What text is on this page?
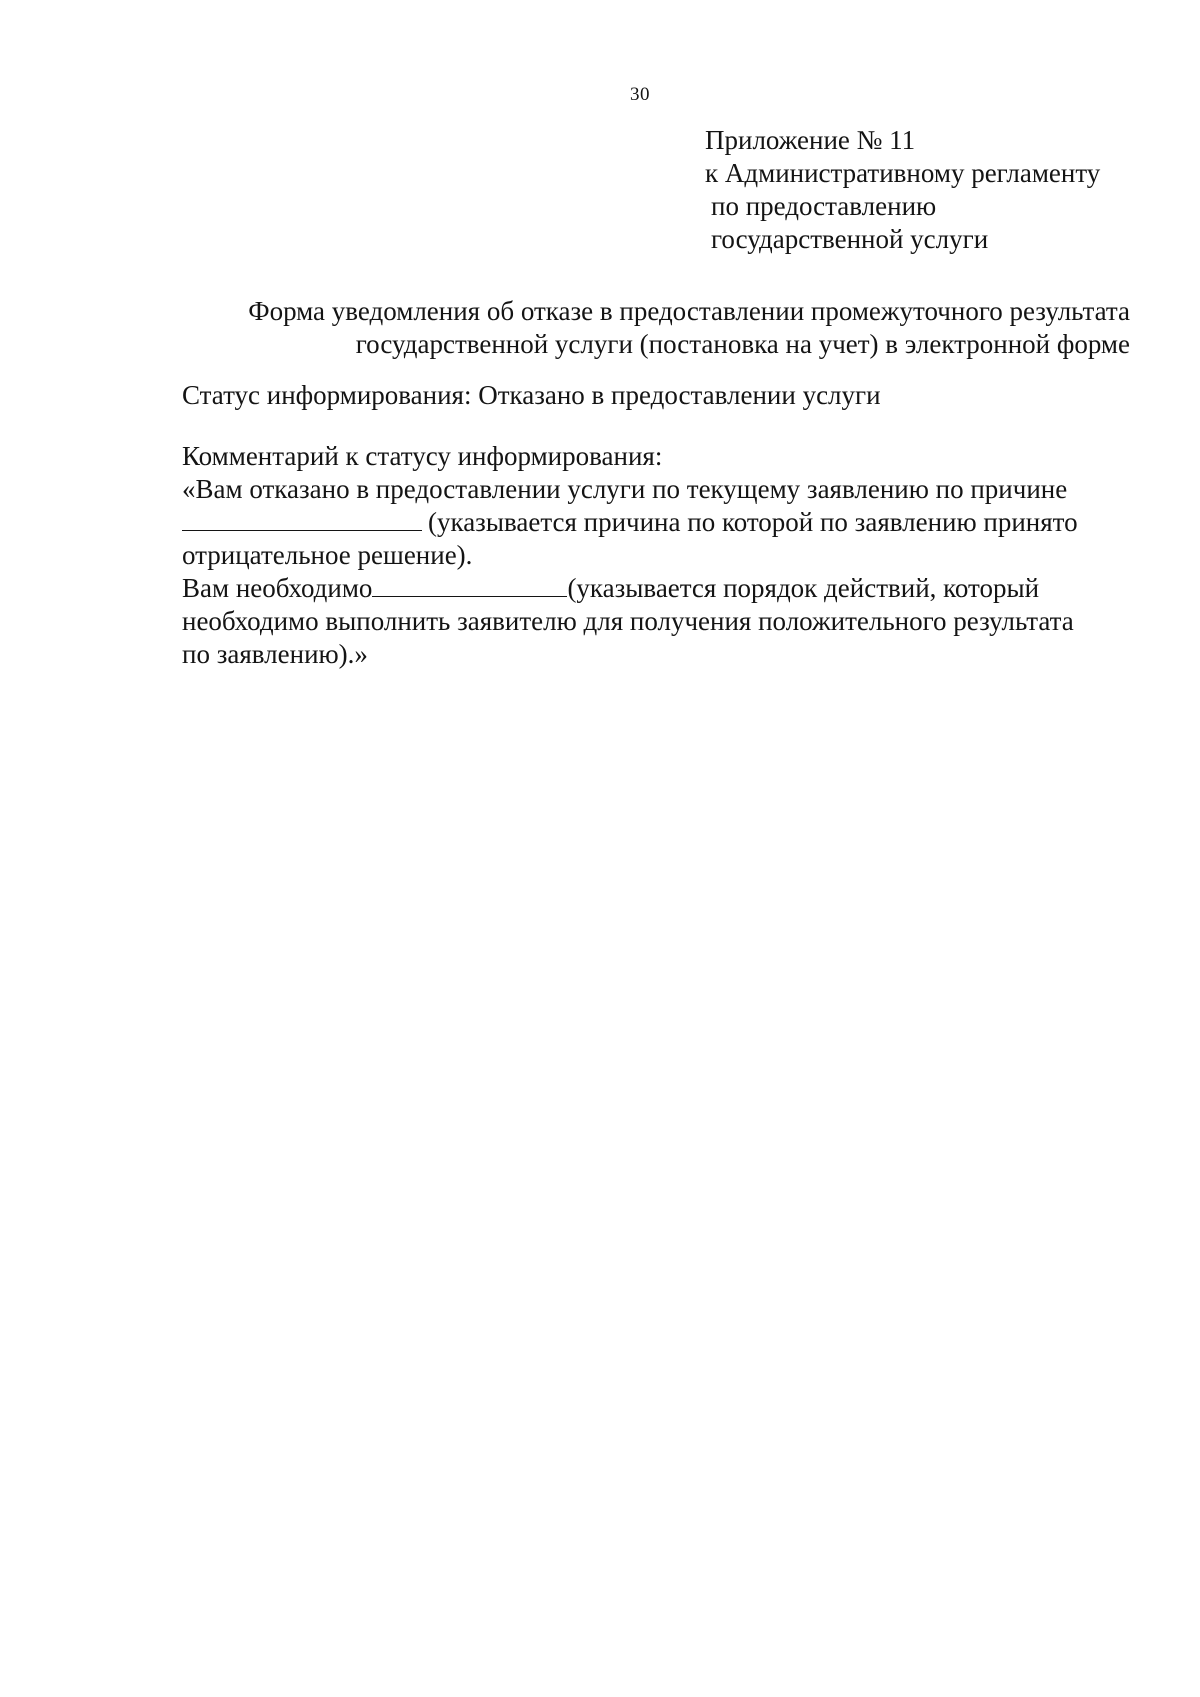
30
Приложение № 11
к Административному регламенту
по предоставлению
государственной услуги
Форма уведомления об отказе в предоставлении промежуточного результата
государственной услуги (постановка на учет) в электронной форме
Статус информирования: Отказано в предоставлении услуги
Комментарий к статусу информирования:
«Вам отказано в предоставлении услуги по текущему заявлению по причине
(указывается причина по которой по заявлению принято
отрицательное решение).
Вам необходимо	(указывается порядок действий, который
необходимо выполнить заявителю для получения положительного результата
по заявлению).»
